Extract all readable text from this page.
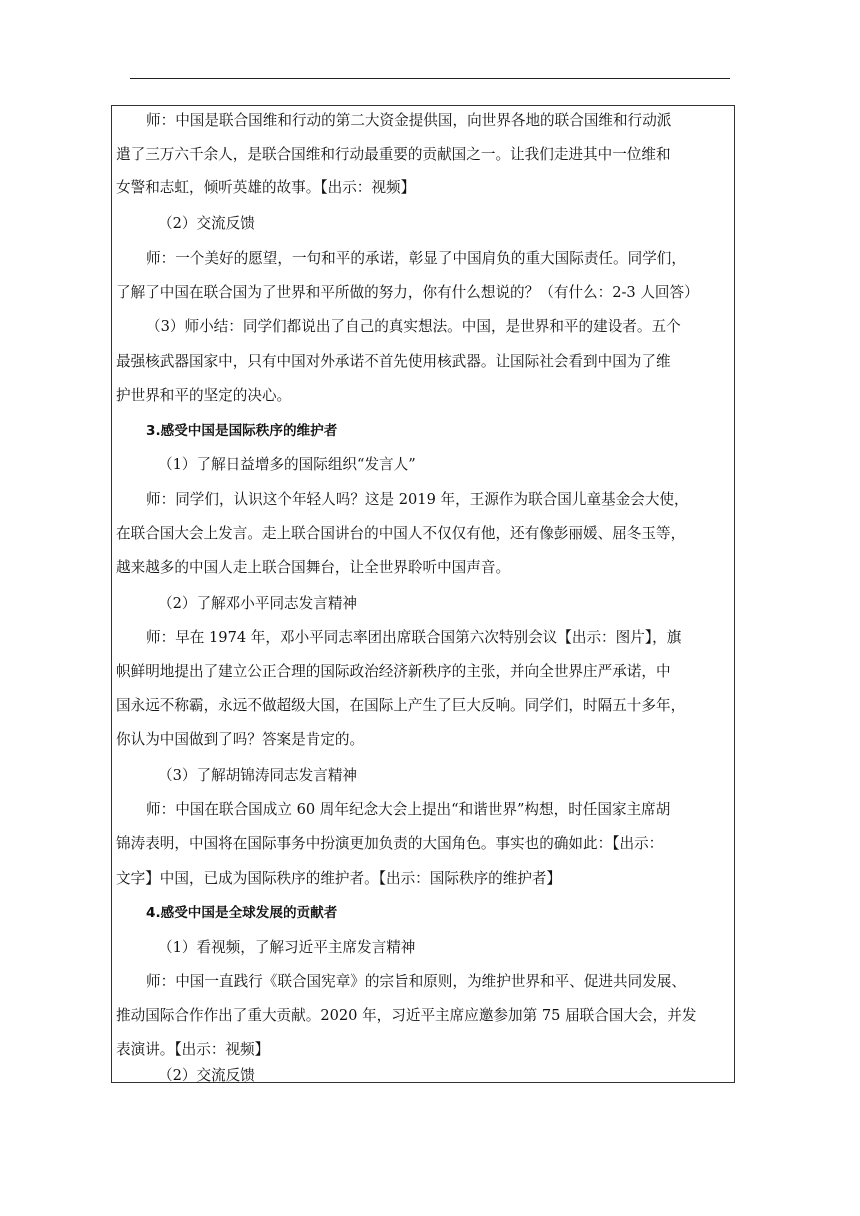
师：中国是联合国维和行动的第二大资金提供国，向世界各地的联合国维和行动派
遣了三万六千余人，是联合国维和行动最重要的贡献国之一。让我们走进其中一位维和
女警和志虹，倾听英雄的故事。【出示：视频】
（2）交流反馈
师：一个美好的愿望，一句和平的承诺，彰显了中国肩负的重大国际责任。同学们，
了解了中国在联合国为了世界和平所做的努力，你有什么想说的？（有什么：2-3 人回答）
（3）师小结：同学们都说出了自己的真实想法。中国，是世界和平的建设者。五个
最强核武器国家中，只有中国对外承诺不首先使用核武器。让国际社会看到中国为了维
护世界和平的坚定的决心。
3.感受中国是国际秩序的维护者
（1）了解日益增多的国际组织“发言人”
师：同学们，认识这个年轻人吗？这是 2019 年，王源作为联合国儿童基金会大使，
在联合国大会上发言。走上联合国讲台的中国人不仅仅有他，还有像彭丽媛、屈冬玉等，
越来越多的中国人走上联合国舞台，让全世界聆听中国声音。
（2）了解邓小平同志发言精神
师：早在 1974 年，邓小平同志率团出席联合国第六次特别会议【出示：图片】，旗
帜鲜明地提出了建立公正合理的国际政治经济新秩序的主张，并向全世界庄严承诺，中
国永远不称霸，永远不做超级大国，在国际上产生了巨大反响。同学们，时隔五十多年，
你认为中国做到了吗？答案是肯定的。
（3）了解胡锦涛同志发言精神
师：中国在联合国成立 60 周年纪念大会上提出“和谐世界”构想，时任国家主席胡
锦涛表明，中国将在国际事务中扮演更加负责的大国角色。事实也的确如此：【出示：
文字】中国，已成为国际秩序的维护者。【出示：国际秩序的维护者】
4.感受中国是全球发展的贡献者
（1）看视频，了解习近平主席发言精神
师：中国一直践行《联合国宪章》的宗旨和原则，为维护世界和平、促进共同发展、
推动国际合作作出了重大贡献。2020 年，习近平主席应邀参加第 75 届联合国大会，并发
表演讲。【出示：视频】
（2）交流反馈
